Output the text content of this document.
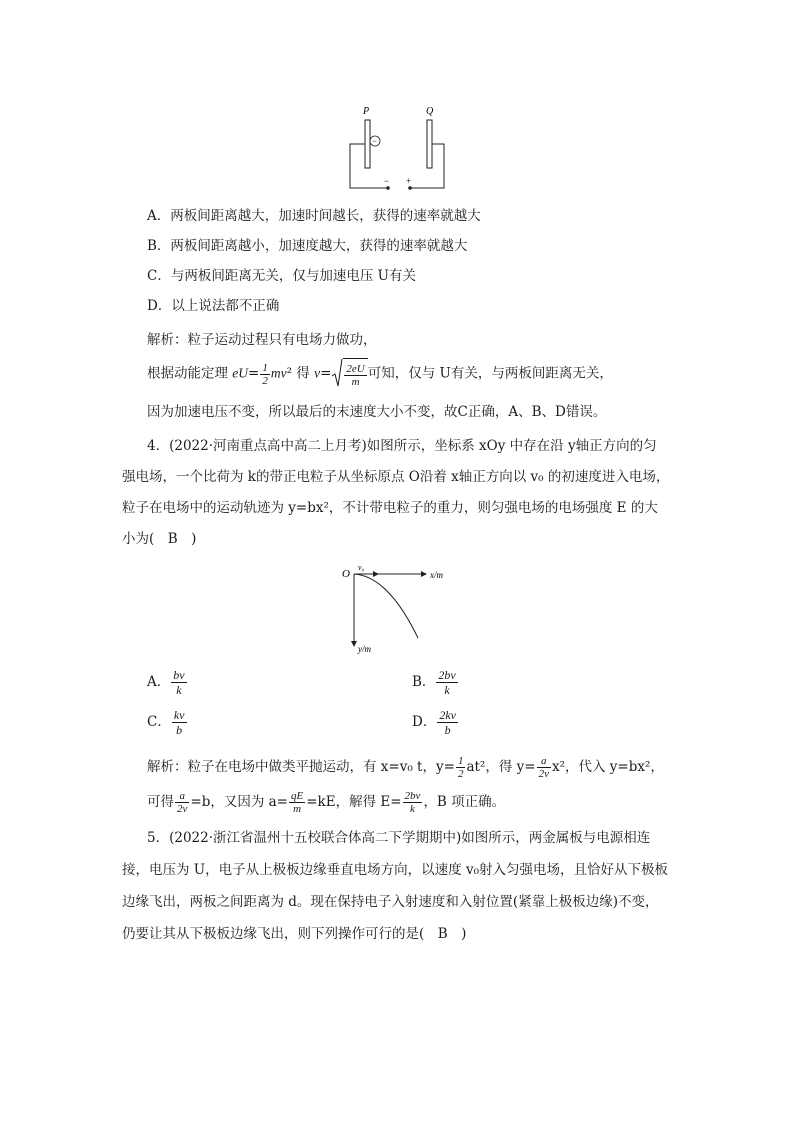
P	Q
−
− +
A．两板间距离越大，加速时间越长，获得的速率就越大
B．两板间距离越小，加速度越大，获得的速率就越大
C．与两板间距离无关，仅与加速电压 U有关
D．以上说法都不正确
解析：粒子运动过程只有电场力做功，
根据动能定理 $eU= \frac{1}{2} mv^2$ 得 $v= \frac{2eU}{m}$ 可知，仅与 U有关，与两板间距离无关，
因为加速电压不变，所以最后的末速度大小不变，故C正确，A、B、D错误。
4．(2022·河南重点高中高二上月考)如图所示，坐标系 xOy 中存在沿 y轴正方向的匀
强电场，一个比荷为 k的带正电粒子从坐标原点 O沿着 x轴正方向以 v₀ 的初速度进入电场，
粒子在电场中的运动轨迹为 y=bx²，不计带电粒子的重力，则匀强电场的电场强度 E 的大
小为(　B　)
O
v₀
x/m
y/m
A． $\frac{bv}{k}$	B． $\frac{2bv}{k}$
C． $\frac{kv}{b}$	D． $\frac{2kv}{b}$
解析：粒子在电场中做类平抛运动，有 x=v₀ t，$y= \frac{1}{2} at^2$，得 $y= \frac{a}{2v} x^2$，代入 y=bx²，
可得 $\frac{a}{2v} =b$，又因为 $a= \frac{qE}{m} =kE$，解得 $E= \frac{2bv}{k}$ ，B 项正确。
5．(2022·浙江省温州十五校联合体高二下学期期中)如图所示，两金属板与电源相连
接，电压为 U，电子从上极板边缘垂直电场方向，以速度 v₀射入匀强电场，且恰好从下极板
边缘飞出，两板之间距离为 d。现在保持电子入射速度和入射位置(紧靠上极板边缘)不变，
仍要让其从下极板边缘飞出，则下列操作可行的是(　B　)
